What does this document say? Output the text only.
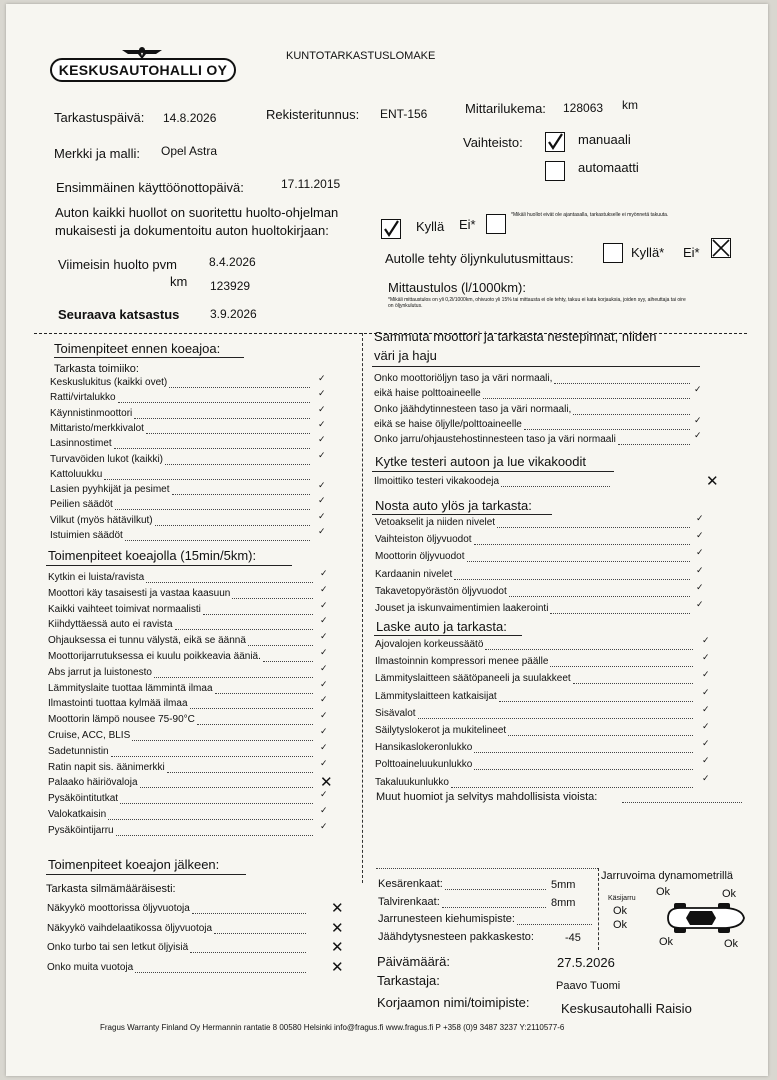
KESKUSAUTOHALLI OY
KUNTOTARKASTUSLOMAKE
Tarkastuspäivä: 14.8.2026	Rekisteritunnus: ENT-156	Mittarilukema: 128063 km
Merkki ja malli: Opel Astra
Vaihteisto:	manuaali
automaatti
Ensimmäinen käyttöönottopäivä:	17.11.2015
Auton kaikki huollot on suoritettu huolto-ohjelman
mukaisesti ja dokumentoitu auton huoltokirjaan:	Kyllä Ei*
*Mikäli huollot eivät ole ajantasalla, tarkastukselle ei myönnetä takuuta.
Viimeisin huolto pvm	8.4.2026
km 123929
Seuraava katsastus	3.9.2026
Autolle tehty öljynkulutusmittaus:	Kyllä* Ei*
Mittaustulos (l/1000km):
*Mikäli mittaustulos on yli 0,2l/1000km, ohivuoto yli 15% tai mittausta ei ole tehty, takuu ei kata korjauksia, joiden syy, aiheuttaja tai oire on öljynkulutus.
Keskuslukitus (kaikki ovet)	✓
Ratti/virtalukko	✓
Käynnistinmoottori	✓
Mittaristo/merkkivalot	✓
Lasinnostimet	✓
Turvavöiden lukot (kaikki)	✓
Kattoluukku
Lasien pyyhkijät ja pesimet	✓
Peilien säädöt	✓
Vilkut (myös hätävilkut)	✓
Istuimien säädöt	✓
Kytkin ei luista/ravista	✓
Moottori käy tasaisesti ja vastaa kaasuun	✓
Kaikki vaihteet toimivat normaalisti	✓
Kiihdyttäessä auto ei ravista	✓
Ohjauksessa ei tunnu välystä, eikä se äännä	✓
Moottorijarrutuksessa ei kuulu poikkeavia ääniä.	✓
Abs jarrut ja luistonesto	✓
Lämmityslaite tuottaa lämmintä ilmaa	✓
Ilmastointi tuottaa kylmää ilmaa	✓
Moottorin lämpö nousee 75-90°C	✓
Cruise, ACC, BLIS	✓
Sadetunnistin	✓
Ratin napit sis. äänimerkki	✓
Palaako häiriövaloja	✕
Pysäköintitutkat	✓
Valokatkaisin	✓
Pysäköintijarru	✓
Näkyykö moottorissa öljyvuotoja	✕
Näkyykö vaihdelaatikossa öljyvuotoja	✕
Onko turbo tai sen letkut öljyisiä	✕
Onko muita vuotoja	✕
Onko moottoriöljyn taso ja väri normaali,
eikä haise polttoaineelle	✓
Onko jäähdytinnesteen taso ja väri normaali,
eikä se haise öljylle/polttoaineelle	✓
Onko jarru/ohjaustehostinnesteen taso ja väri normaali	✓
Ilmoittiko testeri vikakoodeja	✕
Vetoakselit ja niiden nivelet	✓
Vaihteiston öljyvuodot	✓
Moottorin öljyvuodot	✓
Kardaanin nivelet	✓
Takavetopyörästön öljyvuodot	✓
Jouset ja iskunvaimentimien laakerointi	✓
Ajovalojen korkeussäätö	✓
Ilmastoinnin kompressori menee päälle	✓
Lämmityslaitteen säätöpaneeli ja suulakkeet	✓
Lämmityslaitteen katkaisijat	✓
Sisävalot	✓
Säilytyslokerot ja mukitelineet	✓
Hansikaslokeronlukko	✓
Polttoaineluukunlukko	✓
Takaluukunlukko	✓
Toimenpiteet ennen koeajoa:
Tarkasta toimiiko:
Toimenpiteet koeajolla (15min/5km):
Toimenpiteet koeajon jälkeen:
Tarkasta silmämääräisesti:
Sammuta moottori ja tarkasta nestepinnat, niiden
väri ja haju
Kytke testeri autoon ja lue vikakoodit
Nosta auto ylös ja tarkasta:
Laske auto ja tarkasta:
Muut huomiot ja selvitys mahdollisista vioista:
Kesärenkaat:	5mm
Talvirenkaat:	8mm
Jarrunesteen kiehumispiste:
Jäähdytysnesteen pakkaskesto:	-45
Jarruvoima dynamometrillä
Käsijarru
Ok	Ok
Ok
Ok
Ok	Ok
Päivämäärä:	27.5.2026
Tarkastaja:	Paavo Tuomi
Korjaamon nimi/toimipiste: Keskusautohalli Raisio
Fragus Warranty Finland Oy Hermannin rantatie 8 00580 Helsinki info@fragus.fi www.fragus.fi P +358 (0)9 3487 3237 Y:2110577-6
